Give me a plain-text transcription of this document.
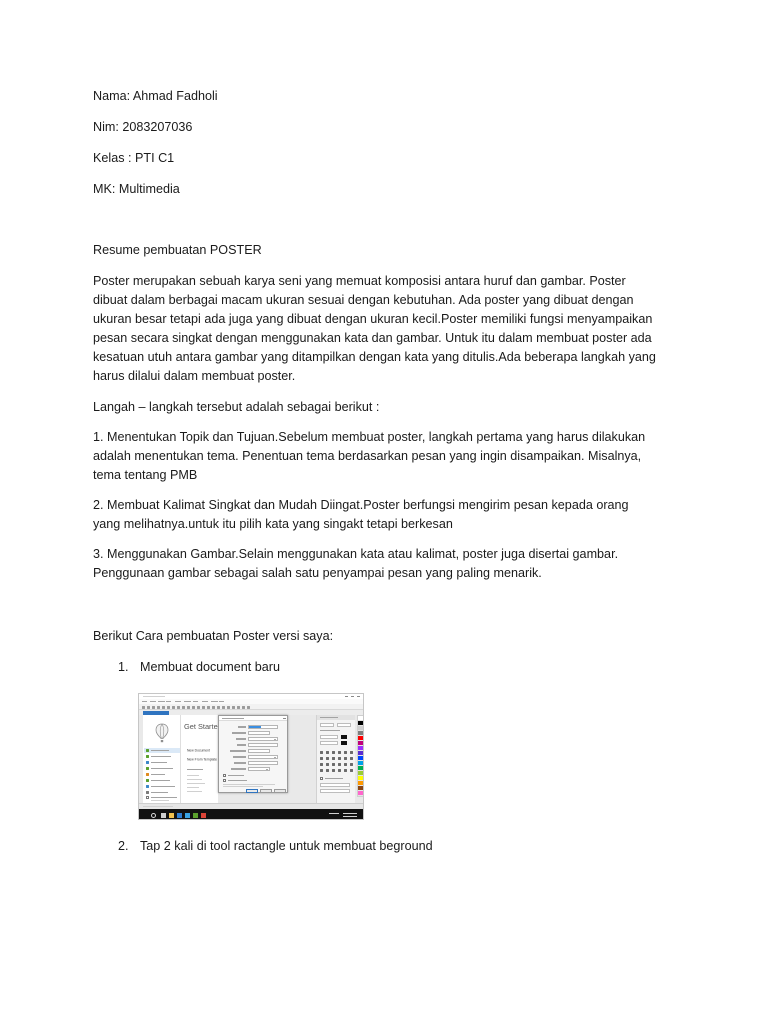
Nama: Ahmad Fadholi
Nim: 2083207036
Kelas : PTI C1
MK: Multimedia
Resume pembuatan POSTER
Poster merupakan sebuah karya seni yang memuat komposisi antara huruf dan gambar. Poster
dibuat dalam berbagai macam ukuran sesuai dengan kebutuhan. Ada poster yang dibuat dengan
ukuran besar tetapi ada juga yang dibuat dengan ukuran kecil.Poster memiliki fungsi menyampaikan
pesan secara singkat dengan menggunakan kata dan gambar. Untuk itu dalam membuat poster ada
kesatuan utuh antara gambar yang ditampilkan dengan kata yang ditulis.Ada beberapa langkah yang
harus dilalui dalam membuat poster.
Langah – langkah tersebut adalah sebagai berikut :
1. Menentukan Topik dan Tujuan.Sebelum membuat poster, langkah pertama yang harus dilakukan
adalah menentukan tema. Penentuan tema berdasarkan pesan yang ingin disampaikan. Misalnya,
tema tentang PMB
2. Membuat Kalimat Singkat dan Mudah Diingat.Poster berfungsi mengirim pesan kepada orang
yang melihatnya.untuk itu pilih kata yang singakt tetapi berkesan
3. Menggunakan Gambar.Selain menggunakan kata atau kalimat, poster juga disertai gambar.
Penggunaan gambar sebagai salah satu penyampai pesan yang paling menarik.
Berikut Cara pembuatan Poster versi saya:
1. Membuat document baru
Get Starte
New Document
New From Template
2. Tap 2 kali di tool ractangle untuk membuat beground
